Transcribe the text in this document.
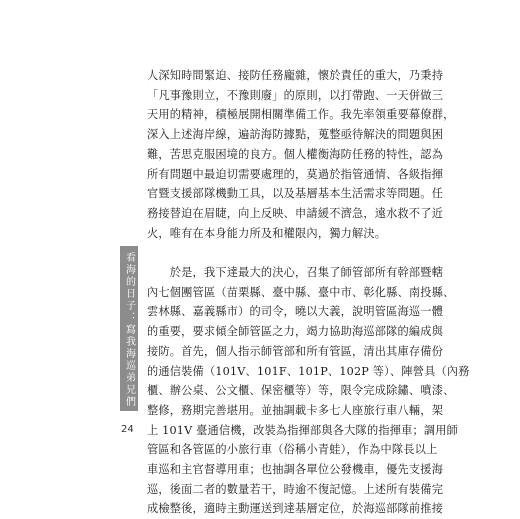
人深知時間緊迫、接防任務龐雜，懷於責任的重大，乃秉持
「凡事豫則立，不豫則廢」的原則，以打帶跑、一天併做三
天用的精神，積極展開相關準備工作。我先率領重要幕僚群，
深入上述海岸線，遍訪海防據點，蒐整亟待解決的問題與困
難，苦思克服困境的良方。個人權衡海防任務的特性，認為
所有問題中最迫切需要處理的，莫過於指管通情、各級指揮
官暨支援部隊機動工具，以及基層基本生活需求等問題。任
務接替迫在眉睫，向上反映、申請緩不濟急，遠水救不了近
火，唯有在本身能力所及和權限內，獨力解決。

　　於是，我下達最大的決心，召集了師管部所有幹部暨轄
內七個團管區（苗栗縣、臺中縣、臺中市、彰化縣、南投縣、
雲林縣、嘉義縣市）的司令，曉以大義，說明管區海巡一體
的重要，要求傾全師管區之力，竭力協助海巡部隊的編成與
接防。首先，個人指示師管部和所有管區，清出其庫存備份
的通信裝備（101V、101F、101P、102P 等）、陣營具（內務
櫃、辦公桌、公文櫃、保密櫃等）等，限令完成除鏽、噴漆、
整修，務期完善堪用。並抽調載卡多七人座旅行車八輛，架
上 101V 臺通信機，改裝為指揮部與各大隊的指揮車；調用師
管區和各管區的小旅行車（俗稱小青蛙），作為中隊長以上
車巡和主官督導用車；也抽調各單位公發機車，優先支援海
巡，後面二者的數量若干，時逾不復記憶。上述所有裝備完
成檢整後，適時主動運送到達基層定位，於海巡部隊前推接

看海的日子：寫我海巡弟兄們
24
